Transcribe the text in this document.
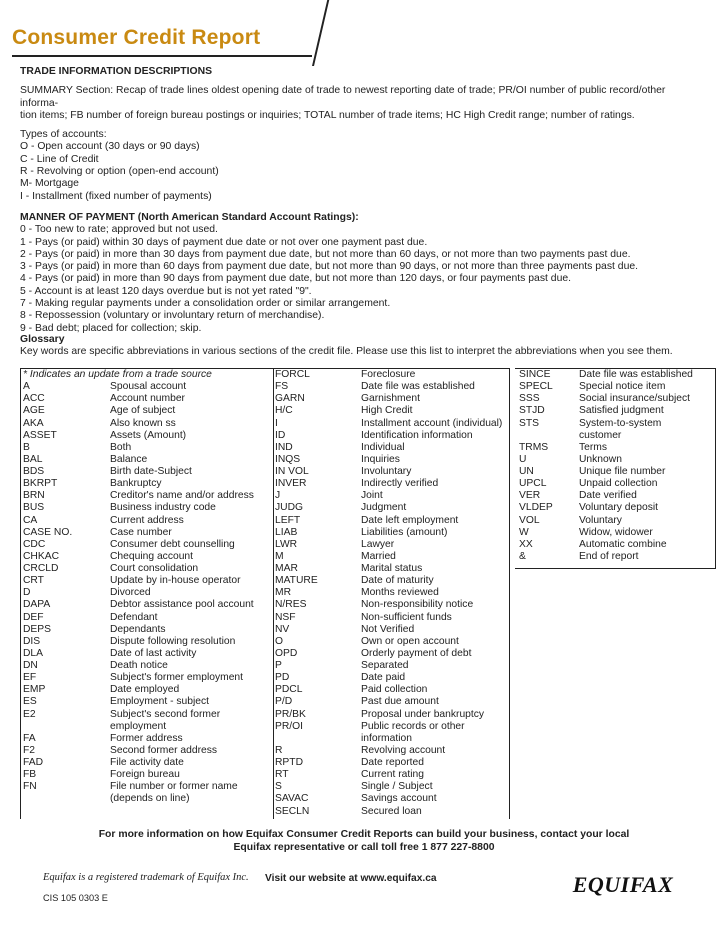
Consumer Credit Report

TRADE INFORMATION DESCRIPTIONS

SUMMARY Section: Recap of trade lines oldest opening date of trade to newest reporting date of trade; PR/OI number of public record/other informa-

tion items; FB number of foreign bureau postings or inquiries; TOTAL number of trade items; HC High Credit range; number of ratings.

Types of accounts:

O - Open account (30 days or 90 days)

C - Line of Credit

R - Revolving or option (open-end account)

M- Mortgage

I - Installment (fixed number of payments)

MANNER OF PAYMENT (North American Standard Account Ratings):

0 - Too new to rate; approved but not used.

1 - Pays (or paid) within 30 days of payment due date or not over one payment past due.

2 - Pays (or paid) in more than 30 days from payment due date, but not more than 60 days, or not more than two payments past due.

3 - Pays (or paid) in more than 60 days from payment due date, but not more than 90 days, or not more than three payments past due.

4 - Pays (or paid) in more than 90 days from payment due date, but not more than 120 days, or four payments past due.

5 - Account is at least 120 days overdue but is not yet rated "9".

7 - Making regular payments under a consolidation order or similar arrangement.

8 - Repossession (voluntary or involuntary return of merchandise).

9 - Bad debt; placed for collection; skip.

Glossary

Key words are specific abbreviations in various sections of the credit file. Please use this list to interpret the abbreviations when you see them.

* Indicates an update from a trade source
A	Spousal account
ACC	Account number
AGE	Age of subject
AKA	Also known ss
ASSET	Assets (Amount)
B	Both
BAL	Balance
BDS	Birth date-Subject
BKRPT	Bankruptcy
BRN	Creditor's name and/or address
BUS	Business industry code
CA	Current address
CASE NO.	Case number
CDC	Consumer debt counselling
CHKAC	Chequing account
CRCLD	Court consolidation
CRT	Update by in-house operator
D	Divorced
DAPA	Debtor assistance pool account
DEF	Defendant
DEPS	Dependants
DIS	Dispute following resolution
DLA	Date of last activity
DN	Death notice
EF	Subject's former employment
EMP	Date employed
ES	Employment - subject
E2	Subject's second former
employment
FA	Former address
F2	Second former address
FAD	File activity date
FB	Foreign bureau
FN	File number or former name
(depends on line)
FORCL	Foreclosure
FS	Date file was established
GARN	Garnishment
H/C	High Credit
I	Installment account (individual)
ID	Identification information
IND	Individual
INQS	Inquiries
IN VOL	Involuntary
INVER	Indirectly verified
J	Joint
JUDG	Judgment
LEFT	Date left employment
LIAB	Liabilities (amount)
LWR	Lawyer
M	Married
MAR	Marital status
MATURE	Date of maturity
MR	Months reviewed
N/RES	Non-responsibility notice
NSF	Non-sufficient funds
NV	Not Verified
O	Own or open account
OPD	Orderly payment of debt
P	Separated
PD	Date paid
PDCL	Paid collection
P/D	Past due amount
PR/BK	Proposal under bankruptcy
PR/OI	Public records or other
information
R	Revolving account
RPTD	Date reported
RT	Current rating
S	Single / Subject
SAVAC	Savings account
SECLN	Secured loan
SINCE	Date file was established
SPECL	Special notice item
SSS	Social insurance/subject
STJD	Satisfied judgment
STS	System-to-system
customer
TRMS	Terms
U	Unknown
UN	Unique file number
UPCL	Unpaid collection
VER	Date verified
VLDEP	Voluntary deposit
VOL	Voluntary
W	Widow, widower
XX	Automatic combine
&	End of report
For more information on how Equifax Consumer Credit Reports can build your business, contact your local
Equifax representative or call toll free 1 877 227-8800
Equifax is a registered trademark of Equifax Inc. Visit our website at www.equifax.ca
CIS 105 0303 E
EQUIFAX
